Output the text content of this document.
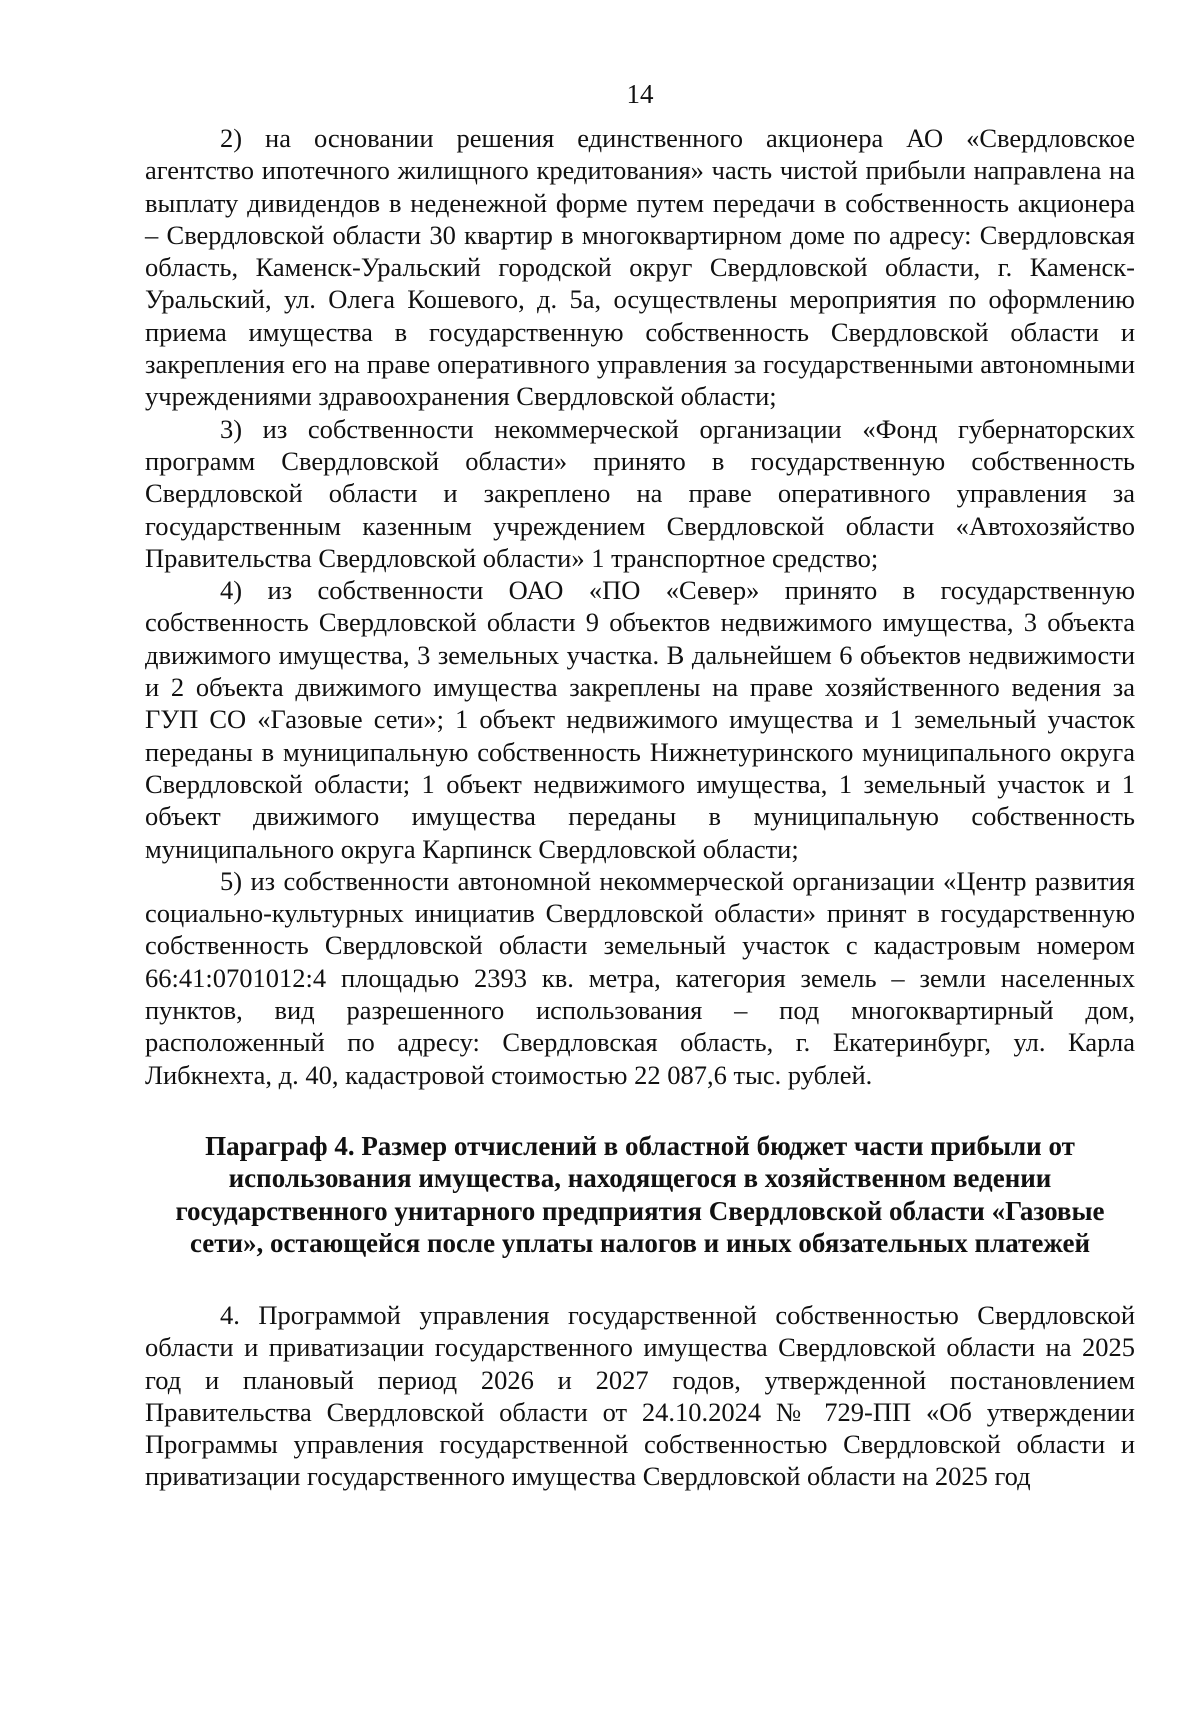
14

2) на основании решения единственного акционера АО «Свердловское агентство ипотечного жилищного кредитования» часть чистой прибыли направлена на выплату дивидендов в неденежной форме путем передачи в собственность акционера – Свердловской области 30 квартир в многоквартирном доме по адресу: Свердловская область, Каменск-Уральский городской округ Свердловской области, г. Каменск-Уральский, ул. Олега Кошевого, д. 5а, осуществлены мероприятия по оформлению приема имущества в государственную собственность Свердловской области и закрепления его на праве оперативного управления за государственными автономными учреждениями здравоохранения Свердловской области;

3) из собственности некоммерческой организации «Фонд губернаторских программ Свердловской области» принято в государственную собственность Свердловской области и закреплено на праве оперативного управления за государственным казенным учреждением Свердловской области «Автохозяйство Правительства Свердловской области» 1 транспортное средство;

4) из собственности ОАО «ПО «Север» принято в государственную собственность Свердловской области 9 объектов недвижимого имущества, 3 объекта движимого имущества, 3 земельных участка. В дальнейшем 6 объектов недвижимости и 2 объекта движимого имущества закреплены на праве хозяйственного ведения за ГУП СО «Газовые сети»; 1 объект недвижимого имущества и 1 земельный участок переданы в муниципальную собственность Нижнетуринского муниципального округа Свердловской области; 1 объект недвижимого имущества, 1 земельный участок и 1 объект движимого имущества переданы в муниципальную собственность муниципального округа Карпинск Свердловской области;

5) из собственности автономной некоммерческой организации «Центр развития социально-культурных инициатив Свердловской области» принят в государственную собственность Свердловской области земельный участок с кадастровым номером 66:41:0701012:4 площадью 2393 кв. метра, категория земель – земли населенных пунктов, вид разрешенного использования – под многоквартирный дом, расположенный по адресу: Свердловская область, г. Екатеринбург, ул. Карла Либкнехта, д. 40, кадастровой стоимостью 22 087,6 тыс. рублей.

Параграф 4. Размер отчислений в областной бюджет части прибыли от использования имущества, находящегося в хозяйственном ведении государственного унитарного предприятия Свердловской области «Газовые сети», остающейся после уплаты налогов и иных обязательных платежей

4. Программой управления государственной собственностью Свердловской области и приватизации государственного имущества Свердловской области на 2025 год и плановый период 2026 и 2027 годов, утвержденной постановлением Правительства Свердловской области от 24.10.2024 № 729-ПП «Об утверждении Программы управления государственной собственностью Свердловской области и приватизации государственного имущества Свердловской области на 2025 год
